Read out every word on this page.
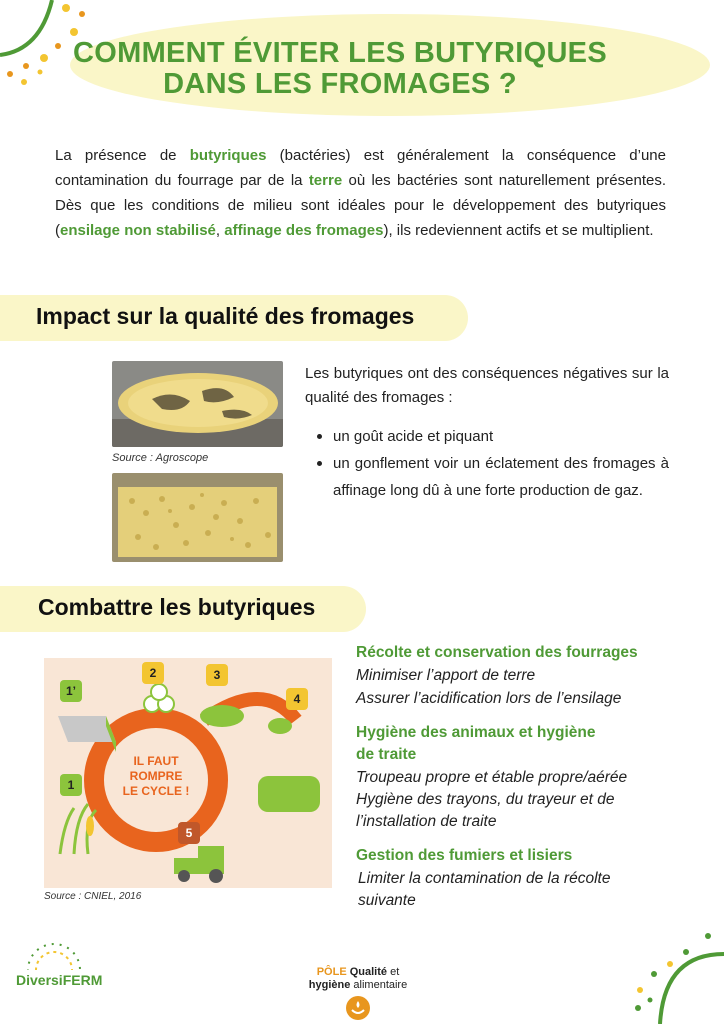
COMMENT ÉVITER LES BUTYRIQUES
DANS LES FROMAGES ?

La présence de butyriques (bactéries) est généralement la conséquence d’une contamination du fourrage par de la terre où les bactéries sont naturellement présentes. Dès que les conditions de milieu sont idéales pour le développement des butyriques (ensilage non stabilisé, affinage des fromages), ils redeviennent actifs et se multiplient.

Impact sur la qualité des fromages

Source : Agroscope

Les butyriques ont des conséquences négatives sur la qualité des fromages :

un goût acide et piquant
un gonflement voir un éclatement des fromages à affinage long dû à une forte production de gaz.
Combattre les butyriques
1’
1
2	3
4
5
IL FAUT
ROMPRE
LE CYCLE !

Source : CNIEL, 2016

Récolte et conservation des fourrages

Minimiser l’apport de terre

Assurer l’acidification lors de l’ensilage

Hygiène des animaux et hygiène
de traite

Troupeau propre et étable propre/aérée

Hygiène des trayons, du trayeur et de

l’installation de traite

Gestion des fumiers et lisiers

Limiter la contamination de la récolte

suivante

DiversiFERM	PÔLE Qualité et
hygiène alimentaire
